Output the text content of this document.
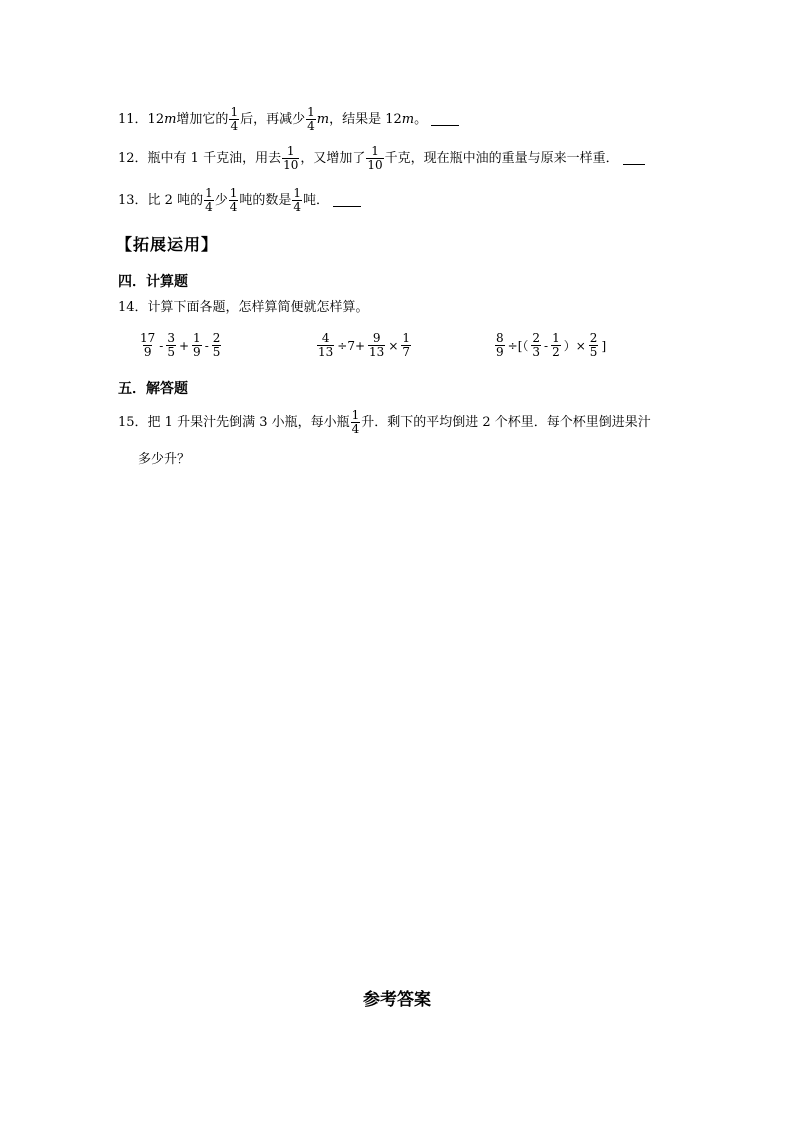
11． 12 m 增加它的 $\frac{1}{4}$ 后，再减少 $\frac{1}{4}$ m ，结果是 12 m 。
12． 瓶中有 1 千克油，用去 $\frac{1}{10}$ ，又增加了 $\frac{1}{10}$ 千克，现在瓶中油的重量与原来一样重．
13． 比 2 吨的 $\frac{1}{4}$ 少 $\frac{1}{4}$ 吨的数是 $\frac{1}{4}$ 吨．
【拓展运用】
四．计算题
14． 计算下面各题，怎样算简便就怎样算。
$\frac{17}{9} - \frac{3}{5} + \frac{1}{9} - \frac{2}{5}$	$\frac{4}{13} \div 7+ \frac{9}{13} \times \frac{1}{7}$	$\frac{8}{9}$ ÷[（ $\frac{2}{3} - \frac{1}{2}$ ）× $\frac{2}{5}$ ]
五．解答题
15． 把 1 升果汁先倒满 3 小瓶，每小瓶 $\frac{1}{4}$ 升．剩下的平均倒进 2 个杯里．每个杯里倒进果汁
多少升？
参考答案
